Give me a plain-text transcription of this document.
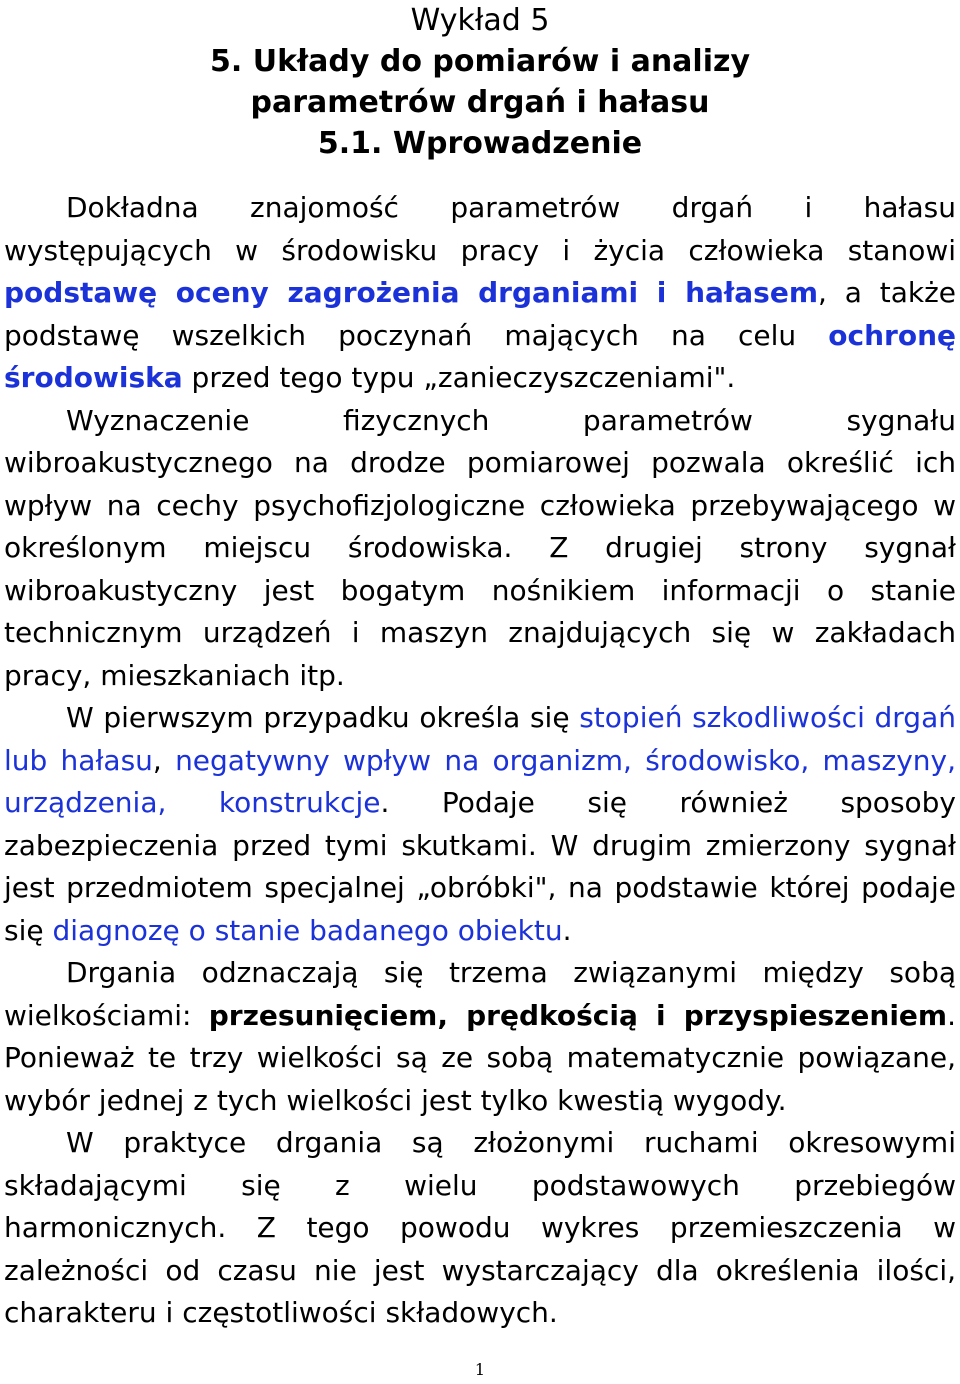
Wykład 5
5. Układy do pomiarów i analizy
parametrów drgań i hałasu
5.1. Wprowadzenie

Dokładna znajomość parametrów drgań i hałasu występujących w środowisku pracy i życia człowieka stanowi podstawę oceny zagrożenia drganiami i hałasem, a także podstawę wszelkich poczynań mających na celu ochronę środowiska przed tego typu „zanieczyszczeniami".

Wyznaczenie fizycznych parametrów sygnału wibroakustycznego na drodze pomiarowej pozwala określić ich wpływ na cechy psychofizjologiczne człowieka przebywającego w określonym miejscu środowiska. Z drugiej strony sygnał wibroakustyczny jest bogatym nośnikiem informacji o stanie technicznym urządzeń i maszyn znajdujących się w zakładach pracy, mieszkaniach itp.

W pierwszym przypadku określa się stopień szkodliwości drgań lub hałasu, negatywny wpływ na organizm, środowisko, maszyny, urządzenia, konstrukcje. Podaje się również sposoby zabezpieczenia przed tymi skutkami. W drugim zmierzony sygnał jest przedmiotem specjalnej „obróbki", na podstawie której podaje się diagnozę o stanie badanego obiektu.

Drgania odznaczają się trzema związanymi między sobą wielkościami: przesunięciem, prędkością i przyspieszeniem. Ponieważ te trzy wielkości są ze sobą matematycznie powiązane, wybór jednej z tych wielkości jest tylko kwestią wygody.

W praktyce drgania są złożonymi ruchami okresowymi składającymi się z wielu podstawowych przebiegów harmonicznych. Z tego powodu wykres przemieszczenia w zależności od czasu nie jest wystarczający dla określenia ilości, charakteru i częstotliwości składowych.

1
